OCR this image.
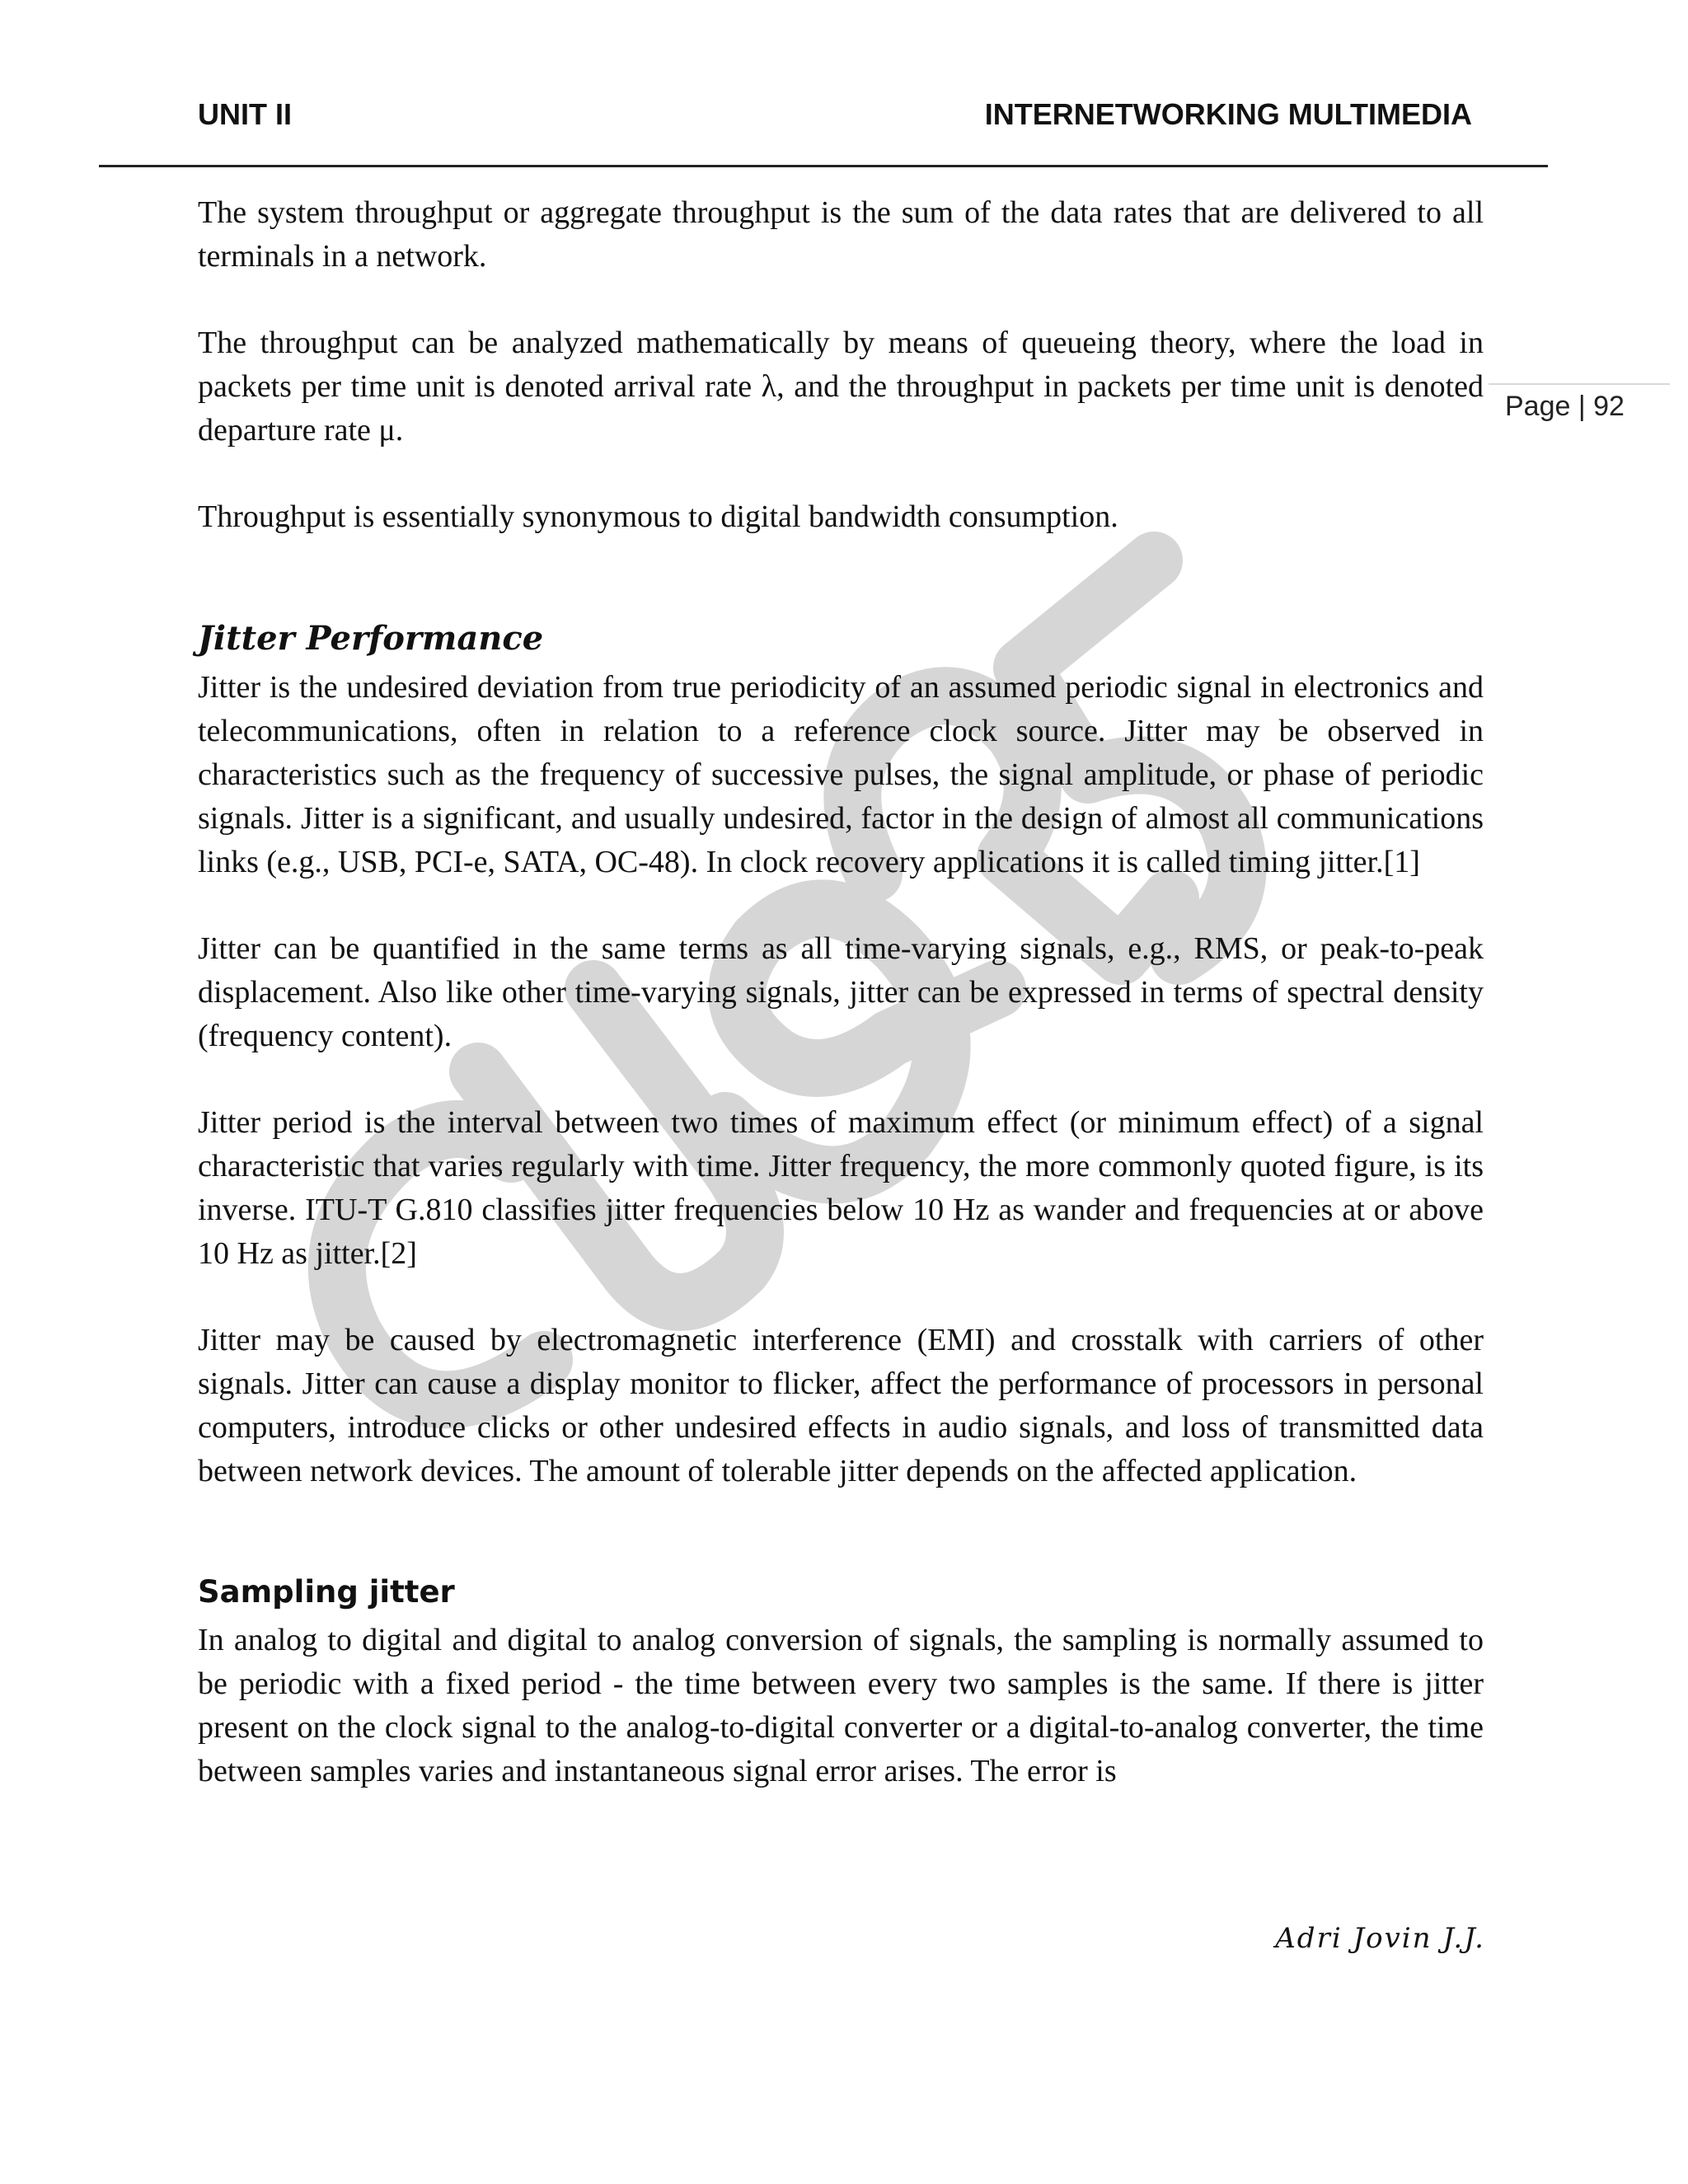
UNIT II	INTERNETWORKING MULTIMEDIA
Page | 92

The system throughput or aggregate throughput is the sum of the data rates that are delivered to all terminals in a network.

The throughput can be analyzed mathematically by means of queueing theory, where the load in packets per time unit is denoted arrival rate λ, and the throughput in packets per time unit is denoted departure rate μ.

Throughput is essentially synonymous to digital bandwidth consumption.

Jitter Performance

Jitter is the undesired deviation from true periodicity of an assumed periodic signal in electronics and telecommunications, often in relation to a reference clock source. Jitter may be observed in characteristics such as the frequency of successive pulses, the signal amplitude, or phase of periodic signals. Jitter is a significant, and usually undesired, factor in the design of almost all communications links (e.g., USB, PCI-e, SATA, OC-48). In clock recovery applications it is called timing jitter.[1]

Jitter can be quantified in the same terms as all time-varying signals, e.g., RMS, or peak-to-peak displacement. Also like other time-varying signals, jitter can be expressed in terms of spectral density (frequency content).

Jitter period is the interval between two times of maximum effect (or minimum effect) of a signal characteristic that varies regularly with time. Jitter frequency, the more commonly quoted figure, is its inverse. ITU-T G.810 classifies jitter frequencies below 10 Hz as wander and frequencies at or above 10 Hz as jitter.[2]

Jitter may be caused by electromagnetic interference (EMI) and crosstalk with carriers of other signals. Jitter can cause a display monitor to flicker, affect the performance of processors in personal computers, introduce clicks or other undesired effects in audio signals, and loss of transmitted data between network devices. The amount of tolerable jitter depends on the affected application.

Sampling jitter

In analog to digital and digital to analog conversion of signals, the sampling is normally assumed to be periodic with a fixed period - the time between every two samples is the same. If there is jitter present on the clock signal to the analog-to-digital converter or a digital-to-analog converter, the time between samples varies and instantaneous signal error arises. The error is

Adri Jovin J.J.
